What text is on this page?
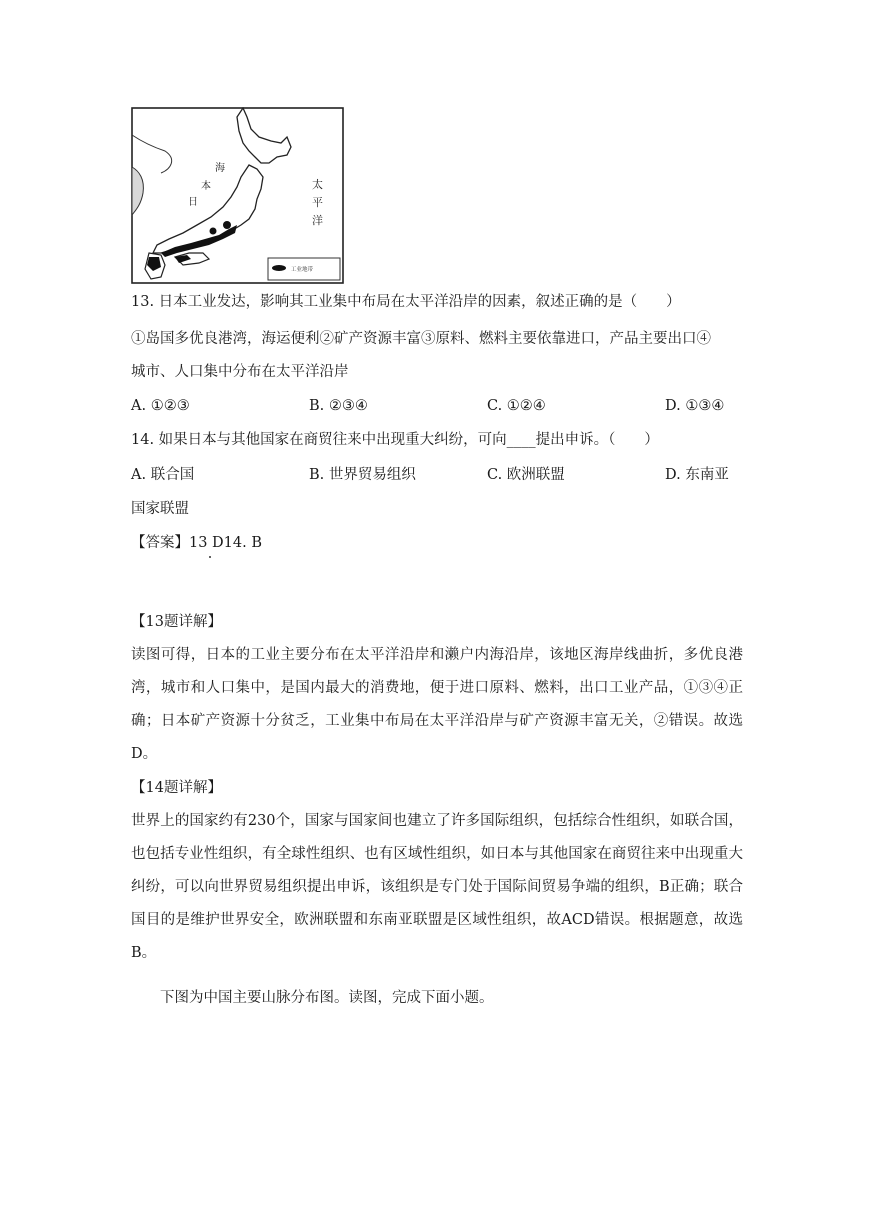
日
本
海
太
平
洋
工业地带
13. 日本工业发达，影响其工业集中布局在太平洋沿岸的因素，叙述正确的是（　　）
①岛国多优良港湾，海运便利②矿产资源丰富③原料、燃料主要依靠进口，产品主要出口④
城市、人口集中分布在太平洋沿岸
A. ①②③	B. ②③④	C. ①②④	D. ①③④
14. 如果日本与其他国家在商贸往来中出现重大纠纷，可向____提出申诉。（　　）
A. 联合国	B. 世界贸易组织	C. 欧洲联盟	D. 东南亚
国家联盟
【答案】13 D14. B
【13题详解】
读图可得，日本的工业主要分布在太平洋沿岸和濑户内海沿岸，该地区海岸线曲折，多优良港湾，城市和人口集中，是国内最大的消费地，便于进口原料、燃料，出口工业产品，①③④正确；日本矿产资源十分贫乏，工业集中布局在太平洋沿岸与矿产资源丰富无关，②错误。故选D。
【14题详解】
世界上的国家约有230个，国家与国家间也建立了许多国际组织，包括综合性组织，如联合国，也包括专业性组织，有全球性组织、也有区域性组织，如日本与其他国家在商贸往来中出现重大纠纷，可以向世界贸易组织提出申诉，该组织是专门处于国际间贸易争端的组织，B正确；联合国目的是维护世界安全，欧洲联盟和东南亚联盟是区域性组织，故ACD错误。根据题意，故选B。
下图为中国主要山脉分布图。读图，完成下面小题。
